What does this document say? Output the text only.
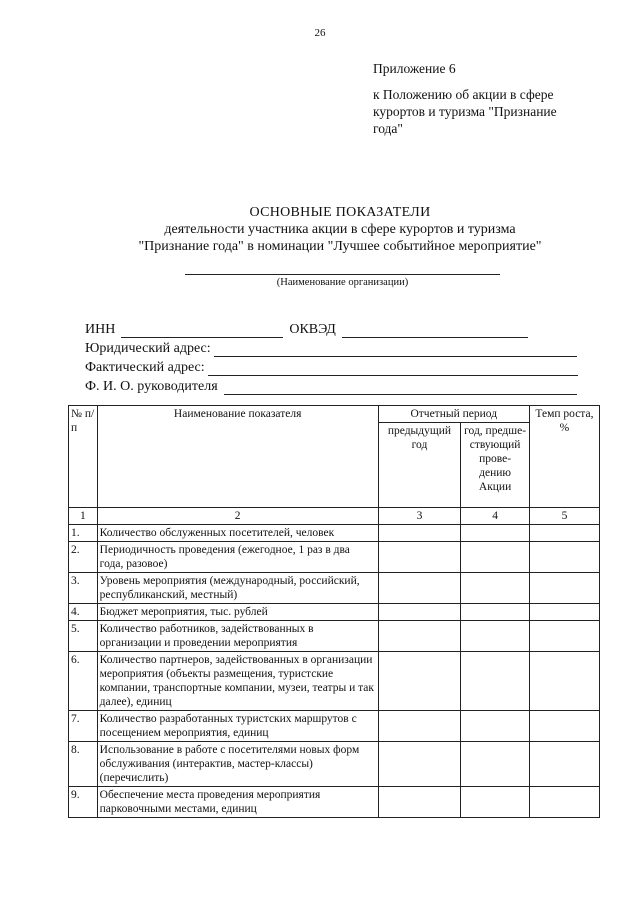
26
Приложение 6
к Положению об акции в сфере
курортов и туризма "Признание
года"
ОСНОВНЫЕ ПОКАЗАТЕЛИ
деятельности участника акции в сфере курортов и туризма
"Признание года" в номинации "Лучшее событийное мероприятие"
(Наименование организации)
ИНН	ОКВЭД
Юридический адрес:
Фактический адрес:
Ф. И. О. руководителя
№ п/п	Наименование показателя	Отчетный период		Темп роста, %
		предыдущий год	год, предше- ствующий прове- дению Акции	
1	2	3	4	5
1.	Количество обслуженных посетителей, человек			
2.	Периодичность проведения (ежегодное, 1 раз в два года, разовое)			
3.	Уровень мероприятия (международный, российский, республиканский, местный)			
4.	Бюджет мероприятия, тыс. рублей			
5.	Количество работников, задействованных в организации и проведении мероприятия			
6.	Количество партнеров, задействованных в организации мероприятия (объекты размещения, туристские компании, транспортные компании, музеи, театры и так далее), единиц			
7.	Количество разработанных туристских маршрутов с посещением мероприятия, единиц			
8.	Использование в работе с посетителями новых форм обслуживания (интерактив, мастер-классы) (перечислить)			
9.	Обеспечение места проведения мероприятия парковочными местами, единиц			
